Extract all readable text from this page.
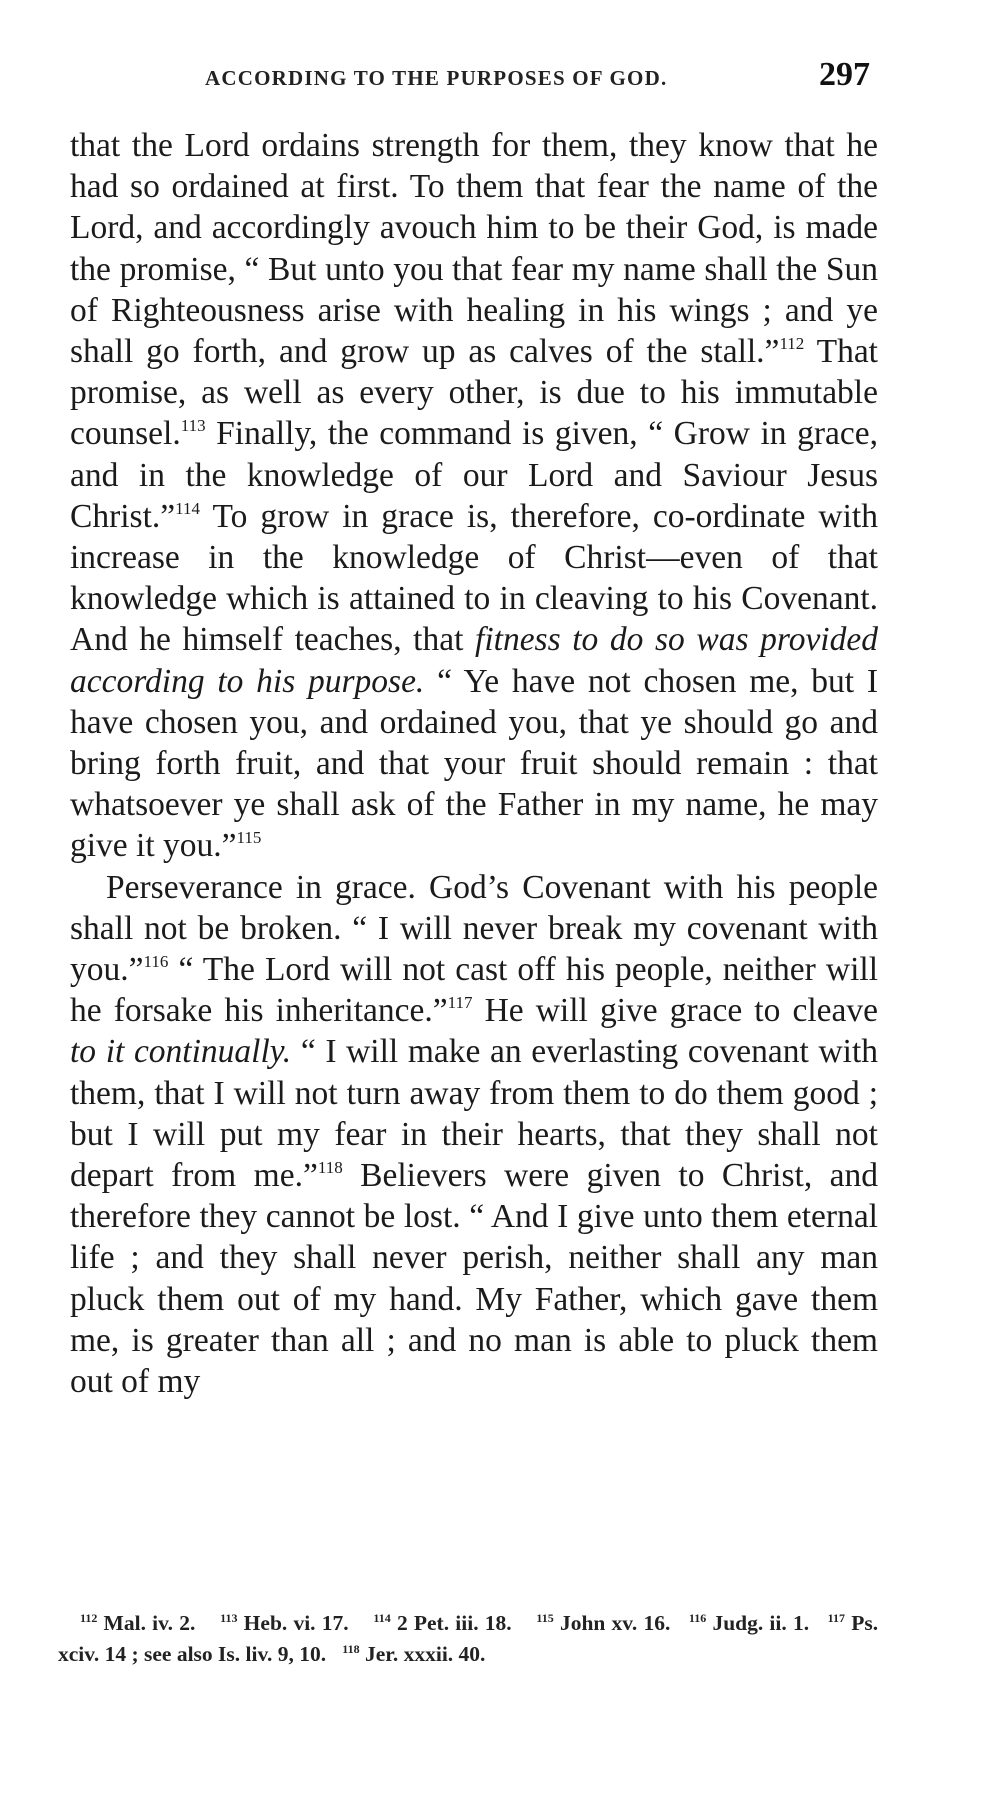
ACCORDING TO THE PURPOSES OF GOD.	297

that the Lord ordains strength for them, they know that he had so ordained at first. To them that fear the name of the Lord, and accordingly avouch him to be their God, is made the promise, “ But unto you that fear my name shall the Sun of Righteousness arise with healing in his wings ; and ye shall go forth, and grow up as calves of the stall.”$^{112}$ That promise, as well as every other, is due to his immutable counsel.$^{113}$ Finally, the command is given, “ Grow in grace, and in the knowledge of our Lord and Saviour Jesus Christ.”$^{114}$ To grow in grace is, therefore, co-ordinate with increase in the knowledge of Christ—even of that knowledge which is attained to in cleaving to his Covenant. And he himself teaches, that fitness to do so was provided according to his purpose. “ Ye have not chosen me, but I have chosen you, and ordained you, that ye should go and bring forth fruit, and that your fruit should remain : that whatsoever ye shall ask of the Father in my name, he may give it you.”$^{115}$

Perseverance in grace. God’s Covenant with his people shall not be broken. “ I will never break my covenant with you.”$^{116}$ “ The Lord will not cast off his people, neither will he forsake his inheritance.”$^{117}$ He will give grace to cleave to it continually. “ I will make an everlasting covenant with them, that I will not turn away from them to do them good ; but I will put my fear in their hearts, that they shall not depart from me.”$^{118}$ Believers were given to Christ, and therefore they cannot be lost. “ And I give unto them eternal life ; and they shall never perish, neither shall any man pluck them out of my hand. My Father, which gave them me, is greater than all ; and no man is able to pluck them out of my

$^{112}$ Mal. iv. 2. $^{113}$ Heb. vi. 17. $^{114}$ 2 Pet. iii. 18. $^{115}$ John xv. 16. $^{116}$ Judg. ii. 1. $^{117}$ Ps. xciv. 14 ; see also Is. liv. 9, 10. $^{118}$ Jer. xxxii. 40.
